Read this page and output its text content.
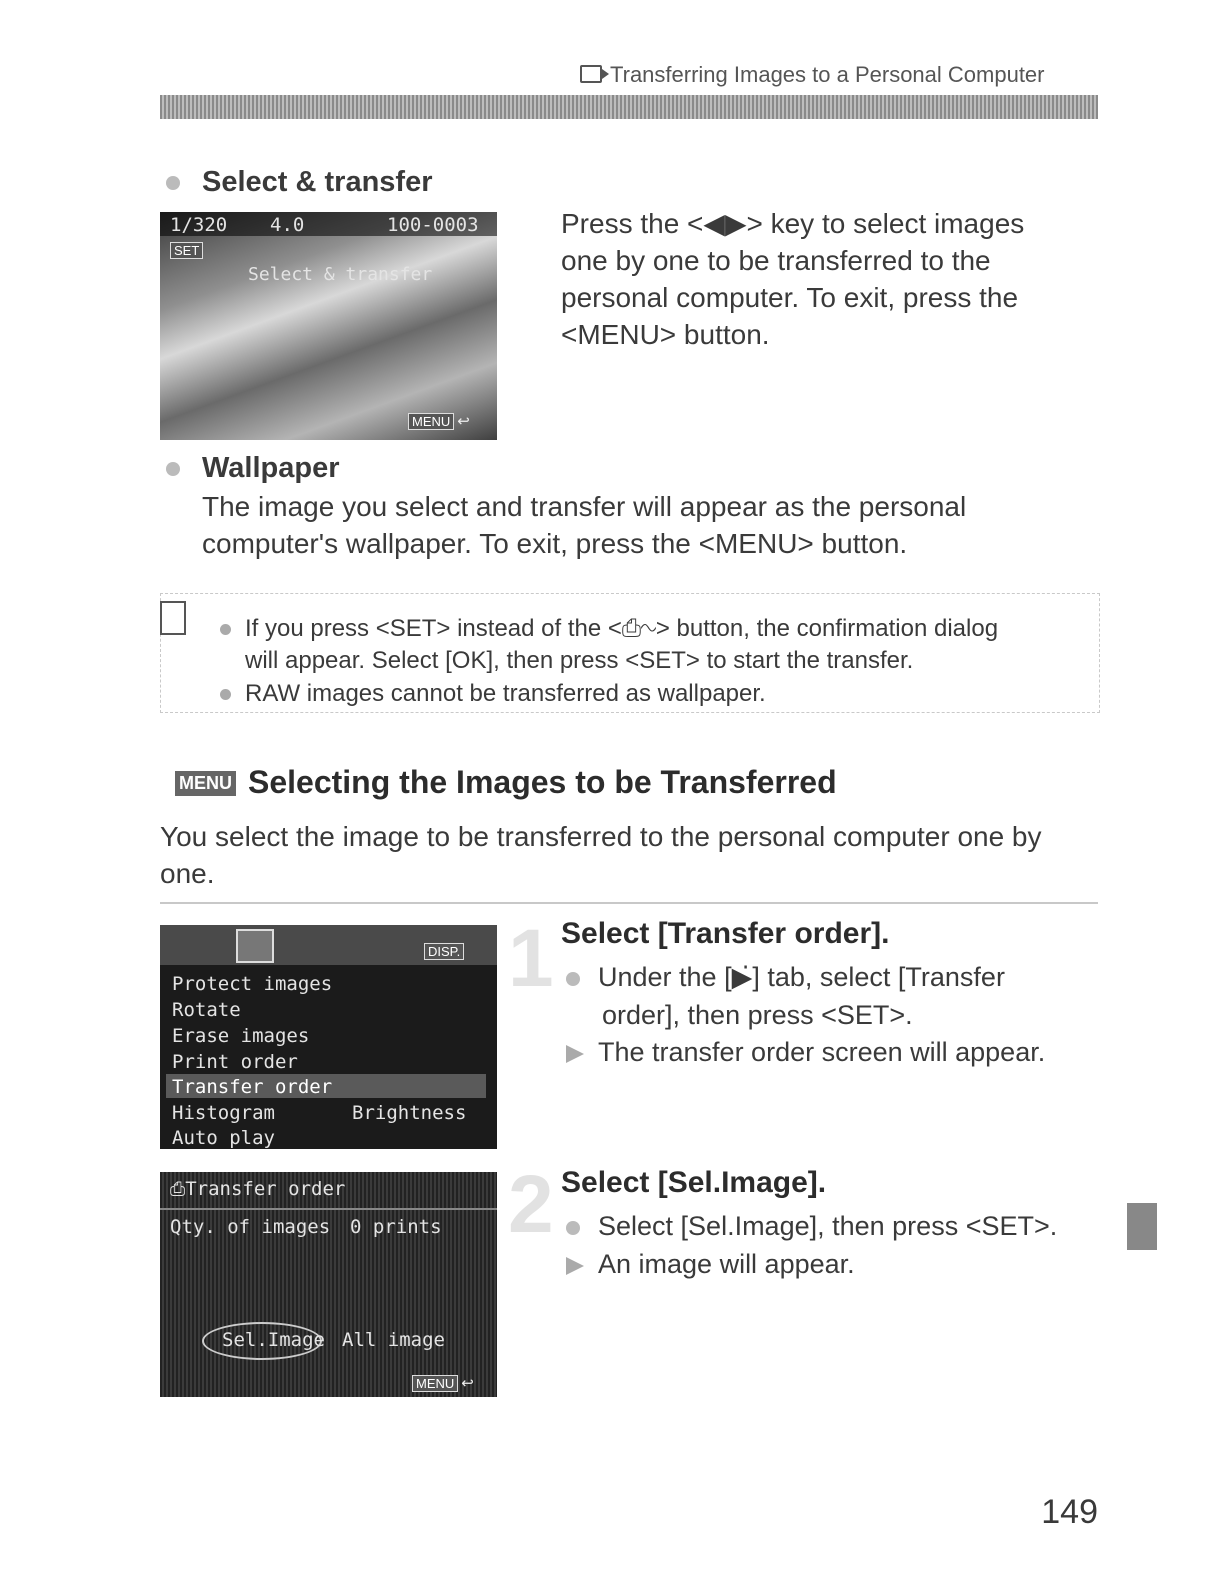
Transferring Images to a Personal Computer
Select & transfer
1/320 4.0	100-0003
SET
Select & transfer
MENU ↩
Press the <◀▶> key to select images
one by one to be transferred to the
personal computer. To exit, press the
<MENU> button.
Wallpaper
The image you select and transfer will appear as the personal
computer's wallpaper. To exit, press the <MENU> button.
If you press <SET> instead of the <⎙∿> button, the confirmation dialog
will appear. Select [OK], then press <SET> to start the transfer.
RAW images cannot be transferred as wallpaper.
MENU Selecting the Images to be Transferred
You select the image to be transferred to the personal computer one by
one.
DISP.
Protect images
Rotate
Erase images
Print order
Transfer order
Histogram	Brightness
Auto play
1 Select [Transfer order].
Under the [▶̇] tab, select [Transfer
order], then press <SET>.
The transfer order screen will appear.
⎙Transfer order
Qty. of images 0 prints
Sel.Image All image
MENU ↩
2 Select [Sel.Image].
Select [Sel.Image], then press <SET>.
An image will appear.
149
